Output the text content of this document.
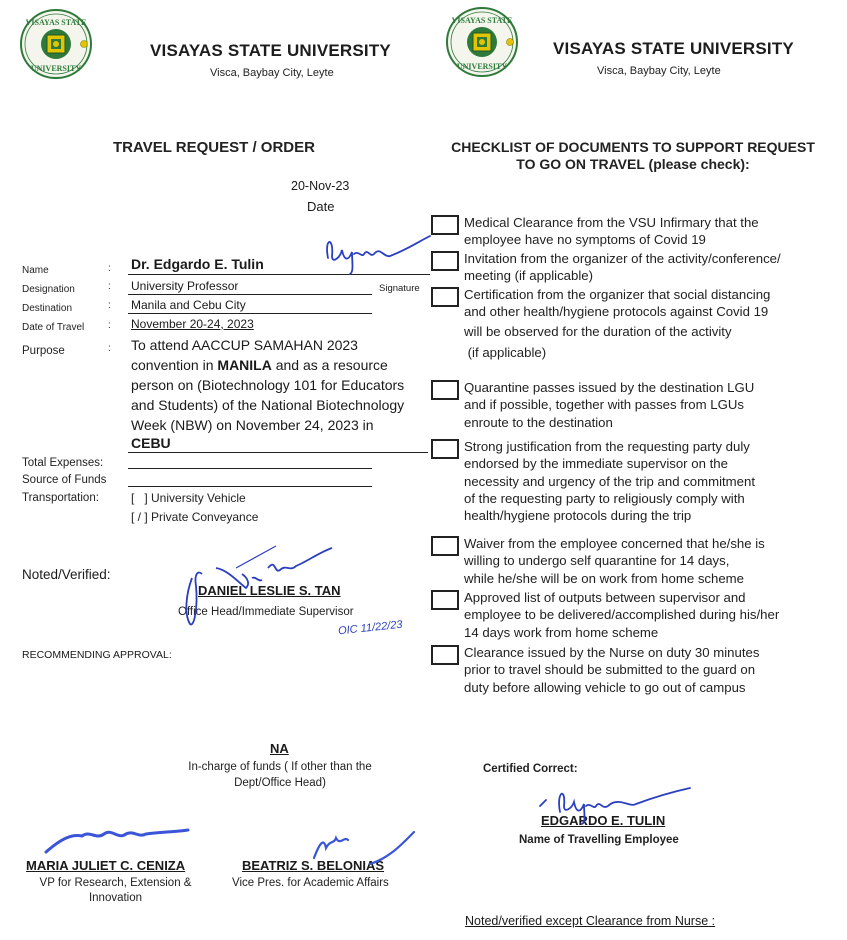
VISAYAS STATE
UNIVERSITY
VISAYAS STATE UNIVERSITY
Visca, Baybay City, Leyte
VISAYAS STATE
UNIVERSITY
VISAYAS STATE UNIVERSITY
Visca, Baybay City, Leyte
TRAVEL REQUEST / ORDER
20-Nov-23
Date
Name	: Dr. Edgardo E. Tulin
Designation	: University Professor	Signature
Destination	: Manila and Cebu City
Date of Travel : November 20-24, 2023
Purpose	: To attend AACCUP SAMAHAN 2023
convention in MANILA and as a resource
person on (Biotechnology 101 for Educators
and Students) of the National Biotechnology
Week (NBW) on November 24, 2023 in
CEBU
Total Expenses:
Source of Funds
Transportation:	[   ] University Vehicle
[ / ] Private Conveyance
Noted/Verified:
DANIEL LESLIE S. TAN
Office Head/Immediate Supervisor
OIC 11/22/23
RECOMMENDING APPROVAL:
NA
In-charge of funds ( If other than the
Dept/Office Head)
MARIA JULIET C. CENIZA
VP for Research, Extension &
Innovation
BEATRIZ S. BELONIAS
Vice Pres. for Academic Affairs
CHECKLIST OF DOCUMENTS TO SUPPORT REQUEST
TO GO ON TRAVEL (please check):
Medical Clearance from the VSU Infirmary that the
employee have no symptoms of Covid 19
Invitation from the organizer of the activity/conference/
meeting (if applicable)
Certification from the organizer that social distancing
and other health/hygiene protocols against Covid 19
will be observed for the duration of the activity
(if applicable)
Quarantine passes issued by the destination LGU
and if possible, together with passes from LGUs
enroute to the destination
Strong justification from the requesting party duly
endorsed by the immediate supervisor on the
necessity and urgency of the trip and commitment
of the requesting party to religiously comply with
health/hygiene protocols during the trip
Waiver from the employee concerned that he/she is
willing to undergo self quarantine for 14 days,
while he/she will be on work from home scheme
Approved list of outputs between supervisor and
employee to be delivered/accomplished during his/her
14 days work from home scheme
Clearance issued by the Nurse on duty 30 minutes
prior to travel should be submitted to the guard on
duty before allowing vehicle to go out of campus
Certified Correct:
EDGARDO E. TULIN
Name of Travelling Employee
Noted/verified except Clearance from Nurse :
